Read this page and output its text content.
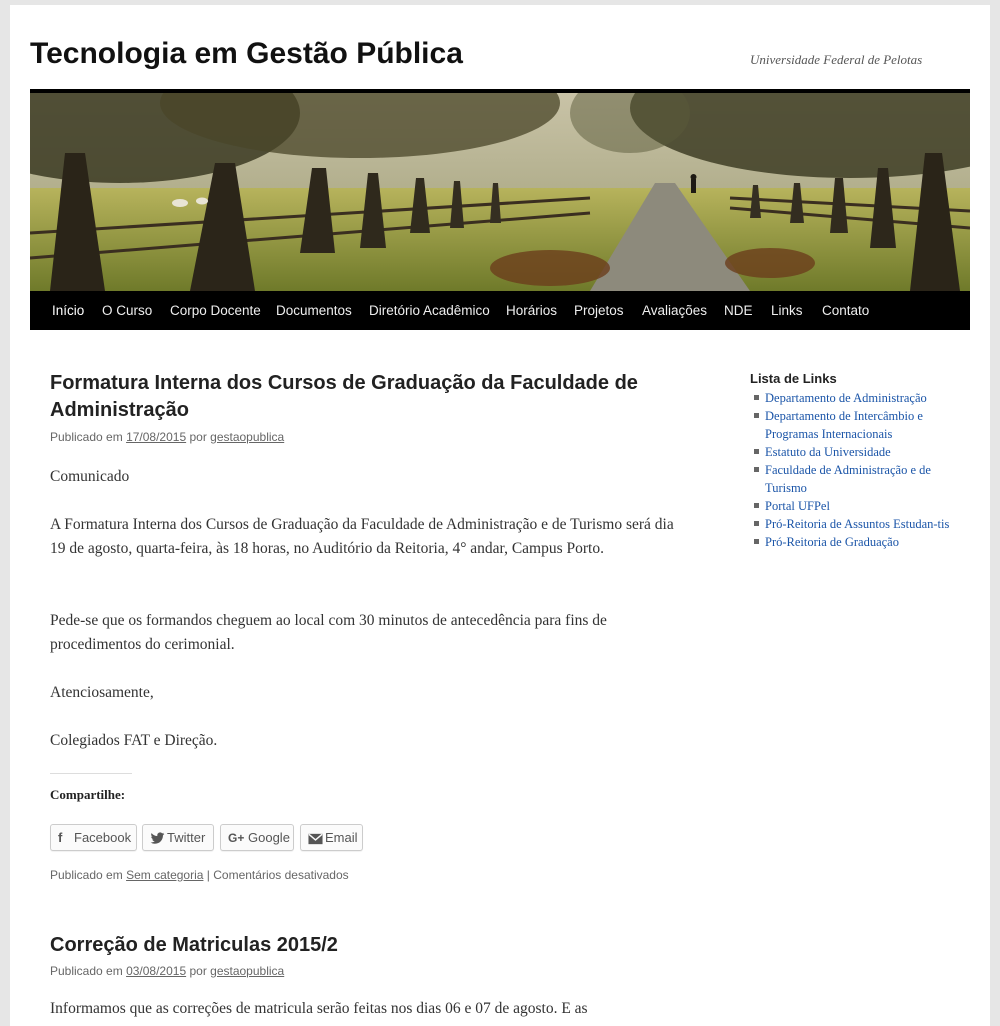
Tecnologia em Gestão Pública	Universidade Federal de Pelotas
Início O Curso Corpo Docente Documentos Diretório Acadêmico Horários Projetos Avaliações NDE Links Contato
Formatura Interna dos Cursos de Graduação da Faculdade de Administração
Publicado em 17/08/2015 por gestaopublica
Comunicado
A Formatura Interna dos Cursos de Graduação da Faculdade de Administração e de Turismo será dia 19 de agosto, quarta-feira, às 18 horas, no Auditório da Reitoria, 4° andar, Campus Porto.
Pede-se que os formandos cheguem ao local com 30 minutos de antecedência para fins de procedimentos do cerimonial.
Atenciosamente,
Colegiados FAT e Direção.
Compartilhe:
f Facebook	Twitter	G+ Google	Email
Publicado em Sem categoria | Comentários desativados
Correção de Matriculas 2015/2
Publicado em 03/08/2015 por gestaopublica
Informamos que as correções de matricula serão feitas nos dias 06 e 07 de agosto. E as
Lista de Links
Departamento de Administração
Departamento de Intercâmbio e Programas Internacionais
Estatuto da Universidade
Faculdade de Administração e de Turismo
Portal UFPel
Pró-Reitoria de Assuntos Estudan-tis
Pró-Reitoria de Graduação
